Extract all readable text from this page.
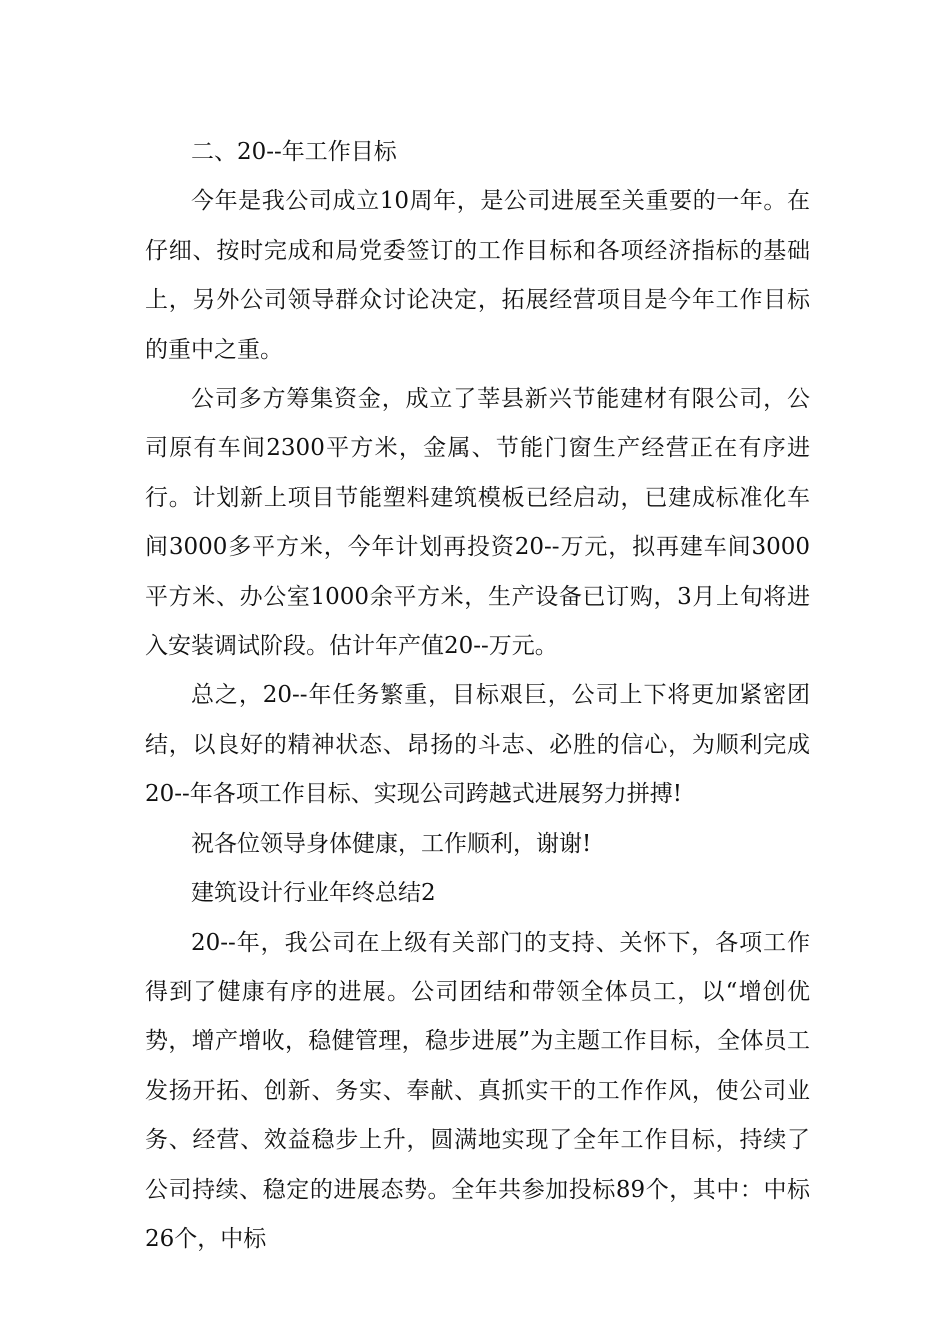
二、20--年工作目标

今年是我公司成立10周年，是公司进展至关重要的一年。在仔细、按时完成和局党委签订的工作目标和各项经济指标的基础上，另外公司领导群众讨论决定，拓展经营项目是今年工作目标的重中之重。

公司多方筹集资金，成立了莘县新兴节能建材有限公司，公司原有车间2300平方米，金属、节能门窗生产经营正在有序进行。计划新上项目节能塑料建筑模板已经启动，已建成标准化车间3000多平方米，今年计划再投资20--万元，拟再建车间3000平方米、办公室1000余平方米，生产设备已订购，3月上旬将进入安装调试阶段。估计年产值20--万元。

总之，20--年任务繁重，目标艰巨，公司上下将更加紧密团结，以良好的精神状态、昂扬的斗志、必胜的信心，为顺利完成20--年各项工作目标、实现公司跨越式进展努力拼搏!

祝各位领导身体健康，工作顺利，谢谢!

建筑设计行业年终总结2

20--年，我公司在上级有关部门的支持、关怀下，各项工作得到了健康有序的进展。公司团结和带领全体员工，以“增创优势，增产增收，稳健管理，稳步进展”为主题工作目标，全体员工发扬开拓、创新、务实、奉献、真抓实干的工作作风，使公司业务、经营、效益稳步上升，圆满地实现了全年工作目标，持续了公司持续、稳定的进展态势。全年共参加投标89个，其中：中标26个，中标
